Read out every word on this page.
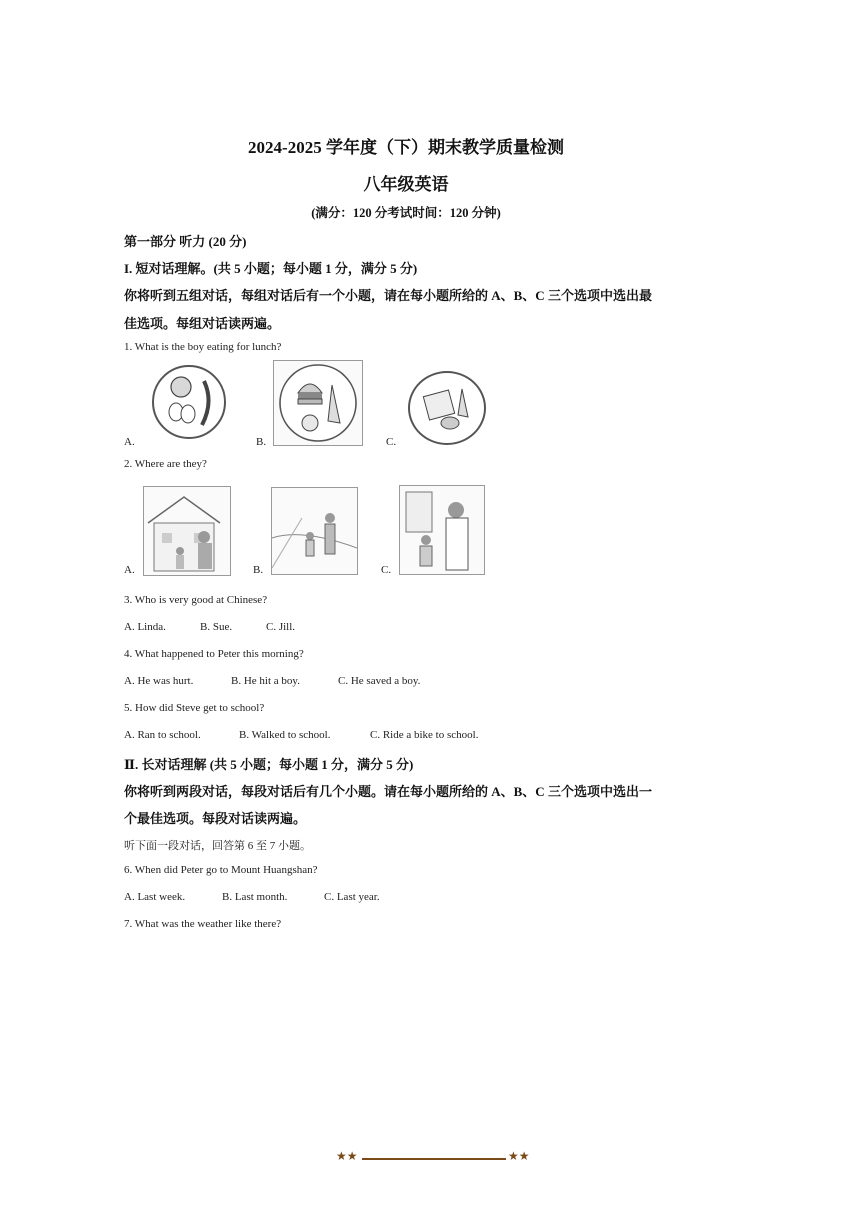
2024-2025 学年度（下）期末教学质量检测
八年级英语
(满分：120 分考试时间：120 分钟)
第一部分 听力 (20 分)
I. 短对话理解。(共 5 小题；每小题 1 分，满分 5 分)
你将听到五组对话，每组对话后有一个小题，请在每小题所给的 A、B、C 三个选项中选出最
佳选项。每组对话读两遍。
1. What is the boy eating for lunch?
A.	B.	C.
2. Where are they?
A.	B.	C.
3. Who is very good at Chinese?
A. Linda.	B. Sue.	C. Jill.
4. What happened to Peter this morning?
A. He was hurt.	B. He hit a boy.	C. He saved a boy.
5. How did Steve get to school?
A. Ran to school.	B. Walked to school.	C. Ride a bike to school.
Ⅱ. 长对话理解 (共 5 小题；每小题 1 分，满分 5 分)
你将听到两段对话，每段对话后有几个小题。请在每小题所给的 A、B、C 三个选项中选出一
个最佳选项。每段对话读两遍。
听下面一段对话，回答第 6 至 7 小题。
6. When did Peter go to Mount Huangshan?
A. Last week.	B. Last month.	C. Last year.
7. What was the weather like there?
★★	★★
